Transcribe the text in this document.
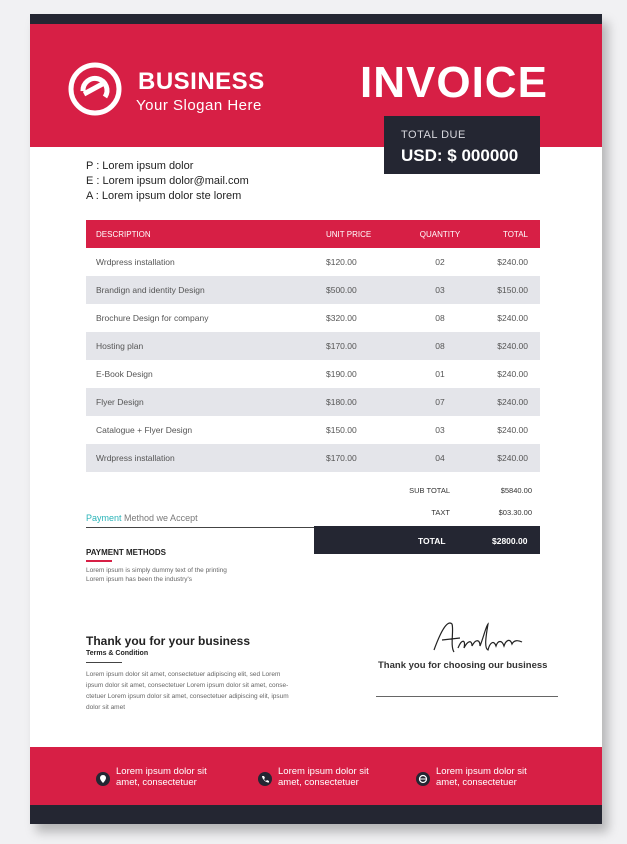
BUSINESS
Your Slogan Here INVOICE
TOTAL DUE
USD: $ 000000
P : Lorem ipsum dolor
E : Lorem ipsum dolor@mail.com
A : Lorem ipsum dolor ste lorem
DESCRIPTION	UNIT PRICE	QUANTITY	TOTAL
Wrdpress installation	$120.00	02	$240.00
Brandign and identity Design	$500.00	03	$150.00
Brochure Design for company	$320.00	08	$240.00
Hosting plan	$170.00	08	$240.00
E-Book Design	$190.00	01	$240.00
Flyer Design	$180.00	07	$240.00
Catalogue + Flyer Design	$150.00	03	$240.00
Wrdpress installation	$170.00	04	$240.00
SUB TOTAL	$5840.00
TAXT	$03.30.00
TOTAL	$2800.00
Payment Method we Accept
PAYMENT METHODS
Lorem ipsum is simply dummy text of the printing
Lorem ipsum has been the industry's
Thank you for your business
Terms & Condition
Lorem ipsum dolor sit amet, consectetuer adipiscing elit, sed Lorem
ipsum dolor sit amet, consectetuer Lorem ipsum dolor sit amet, conse-
ctetuer Lorem ipsum dolor sit amet, consectetuer adipiscing elit, ipsum
dolor sit amet
Thank you for choosing our business
Lorem ipsum dolor sit
amet, consectetuer
Lorem ipsum dolor sit
amet, consectetuer
Lorem ipsum dolor sit
amet, consectetuer
